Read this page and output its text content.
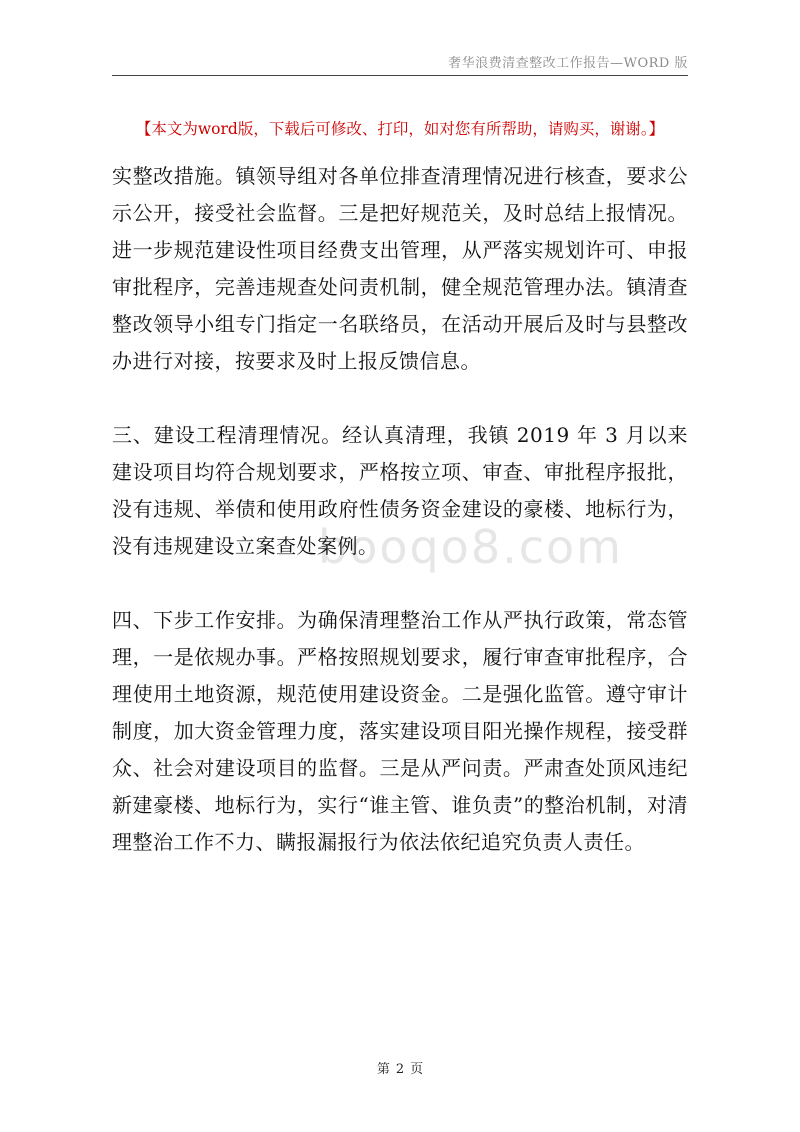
booqo8.com
奢华浪费清查整改工作报告—WORD 版
【本文为word版，下载后可修改、打印，如对您有所帮助，请购买，谢谢。】

实整改措施。镇领导组对各单位排查清理情况进行核查，要求公示公开，接受社会监督。三是把好规范关，及时总结上报情况。进一步规范建设性项目经费支出管理，从严落实规划许可、申报审批程序，完善违规查处问责机制，健全规范管理办法。镇清查整改领导小组专门指定一名联络员，在活动开展后及时与县整改办进行对接，按要求及时上报反馈信息。

三、建设工程清理情况。经认真清理，我镇 2019 年 3 月以来建设项目均符合规划要求，严格按立项、审查、审批程序报批，没有违规、举债和使用政府性债务资金建设的豪楼、地标行为，没有违规建设立案查处案例。

四、下步工作安排。为确保清理整治工作从严执行政策，常态管理，一是依规办事。严格按照规划要求，履行审查审批程序，合理使用土地资源，规范使用建设资金。二是强化监管。遵守审计制度，加大资金管理力度，落实建设项目阳光操作规程，接受群众、社会对建设项目的监督。三是从严问责。严肃查处顶风违纪新建豪楼、地标行为，实行“谁主管、谁负责”的整治机制，对清理整治工作不力、瞒报漏报行为依法依纪追究负责人责任。

第 2 页
